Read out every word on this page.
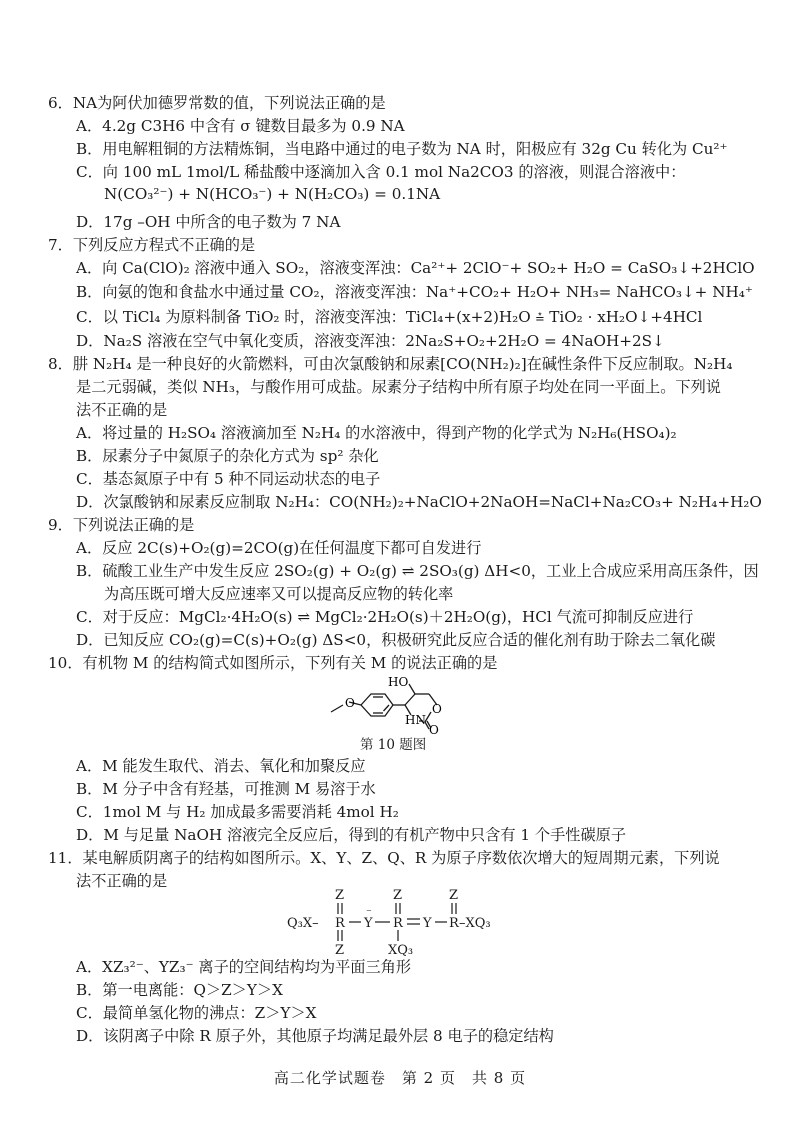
6．NA为阿伏加德罗常数的值，下列说法正确的是
A．4.2g C3H6 中含有 σ 键数目最多为 0.9 NA
B．用电解粗铜的方法精炼铜，当电路中通过的电子数为 NA 时，阳极应有 32g Cu 转化为 Cu²⁺
C．向 100 mL 1mol/L 稀盐酸中逐滴加入含 0.1 mol Na2CO3 的溶液，则混合溶液中：
N(CO₃²⁻) + N(HCO₃⁻) + N(H₂CO₃) = 0.1NA
D．17g –OH 中所含的电子数为 7 NA
7．下列反应方程式不正确的是
A．向 Ca(ClO)₂ 溶液中通入 SO₂，溶液变浑浊：Ca²⁺+ 2ClO⁻+ SO₂+ H₂O = CaSO₃↓+2HClO
B．向氨的饱和食盐水中通过量 CO₂，溶液变浑浊：Na⁺+CO₂+ H₂O+ NH₃= NaHCO₃↓+ NH₄⁺
C．以 TiCl₄ 为原料制备 TiO₂ 时，溶液变浑浊：TiCl₄+(x+2)H₂O ⩮ TiO₂ · xH₂O↓+4HCl
D．Na₂S 溶液在空气中氧化变质，溶液变浑浊：2Na₂S+O₂+2H₂O = 4NaOH+2S↓
8．肼 N₂H₄ 是一种良好的火箭燃料，可由次氯酸钠和尿素[CO(NH₂)₂]在碱性条件下反应制取。N₂H₄
是二元弱碱，类似 NH₃，与酸作用可成盐。尿素分子结构中所有原子均处在同一平面上。下列说
法不正确的是
A．将过量的 H₂SO₄ 溶液滴加至 N₂H₄ 的水溶液中，得到产物的化学式为 N₂H₆(HSO₄)₂
B．尿素分子中氮原子的杂化方式为 sp² 杂化
C．基态氮原子中有 5 种不同运动状态的电子
D．次氯酸钠和尿素反应制取 N₂H₄：CO(NH₂)₂+NaClO+2NaOH=NaCl+Na₂CO₃+ N₂H₄+H₂O
9．下列说法正确的是
A．反应 2C(s)+O₂(g)=2CO(g)在任何温度下都可自发进行
B．硫酸工业生产中发生反应 2SO₂(g) + O₂(g) ⇌ 2SO₃(g) ΔH<0，工业上合成应采用高压条件，因
为高压既可增大反应速率又可以提高反应物的转化率
C．对于反应：MgCl₂·4H₂O(s) ⇌ MgCl₂·2H₂O(s)＋2H₂O(g)，HCl 气流可抑制反应进行
D．已知反应 CO₂(g)=C(s)+O₂(g) ΔS<0，积极研究此反应合适的催化剂有助于除去二氧化碳
10．有机物 M 的结构简式如图所示，下列有关 M 的说法正确的是
O
HO
O
HN
O
第 10 题图
A．M 能发生取代、消去、氧化和加聚反应
B．M 分子中含有羟基，可推测 M 易溶于水
C．1mol M 与 H₂ 加成最多需要消耗 4mol H₂
D．M 与足量 NaOH 溶液完全反应后，得到的有机产物中只含有 1 个手性碳原子
11．某电解质阴离子的结构如图所示。X、Y、Z、Q、R 为原子序数依次增大的短周期元素，下列说
法不正确的是
Q₃X– R Y
⁻
R Y R –XQ₃
Z	Z	Z
Z	XQ₃
A．XZ₃²⁻、YZ₃⁻ 离子的空间结构均为平面三角形
B．第一电离能：Q＞Z＞Y＞X
C．最简单氢化物的沸点：Z＞Y＞X
D．该阴离子中除 R 原子外，其他原子均满足最外层 8 电子的稳定结构
高二化学试题卷　第 2 页　共 8 页
